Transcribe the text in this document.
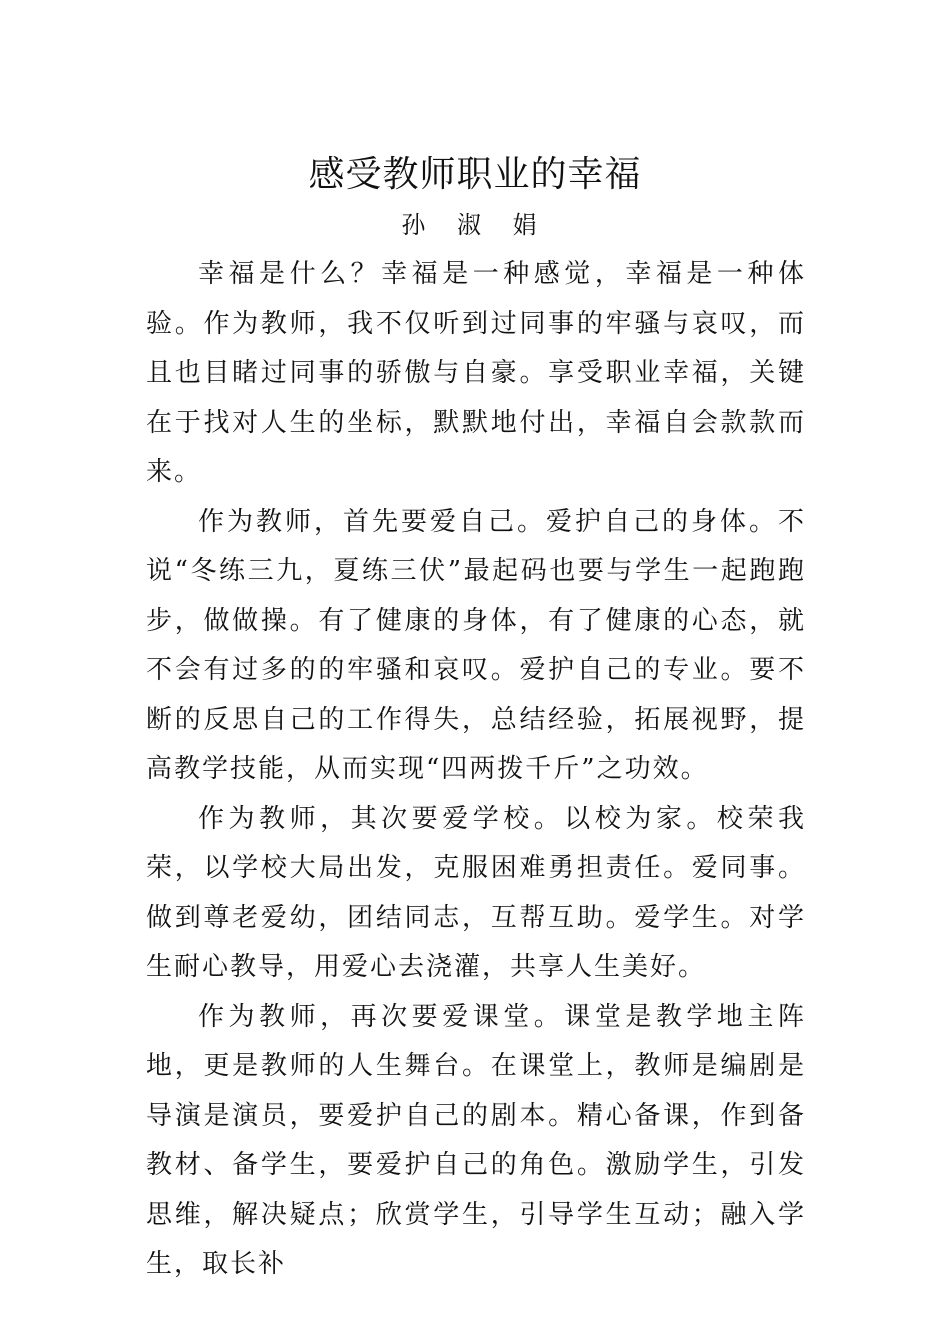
感受教师职业的幸福
孙 淑 娟

幸福是什么？幸福是一种感觉，幸福是一种体验。作为教师，我不仅听到过同事的牢骚与哀叹，而且也目睹过同事的骄傲与自豪。享受职业幸福，关键在于找对人生的坐标，默默地付出，幸福自会款款而来。

作为教师，首先要爱自己。爱护自己的身体。不说“冬练三九，夏练三伏”最起码也要与学生一起跑跑步，做做操。有了健康的身体，有了健康的心态，就不会有过多的的牢骚和哀叹。爱护自己的专业。要不断的反思自己的工作得失，总结经验，拓展视野，提高教学技能，从而实现“四两拨千斤”之功效。

作为教师，其次要爱学校。以校为家。校荣我荣，以学校大局出发，克服困难勇担责任。爱同事。做到尊老爱幼，团结同志，互帮互助。爱学生。对学生耐心教导，用爱心去浇灌，共享人生美好。

作为教师，再次要爱课堂。课堂是教学地主阵地，更是教师的人生舞台。在课堂上，教师是编剧是导演是演员，要爱护自己的剧本。精心备课，作到备教材、备学生，要爱护自己的角色。激励学生，引发思维，解决疑点；欣赏学生，引导学生互动；融入学生，取长补
